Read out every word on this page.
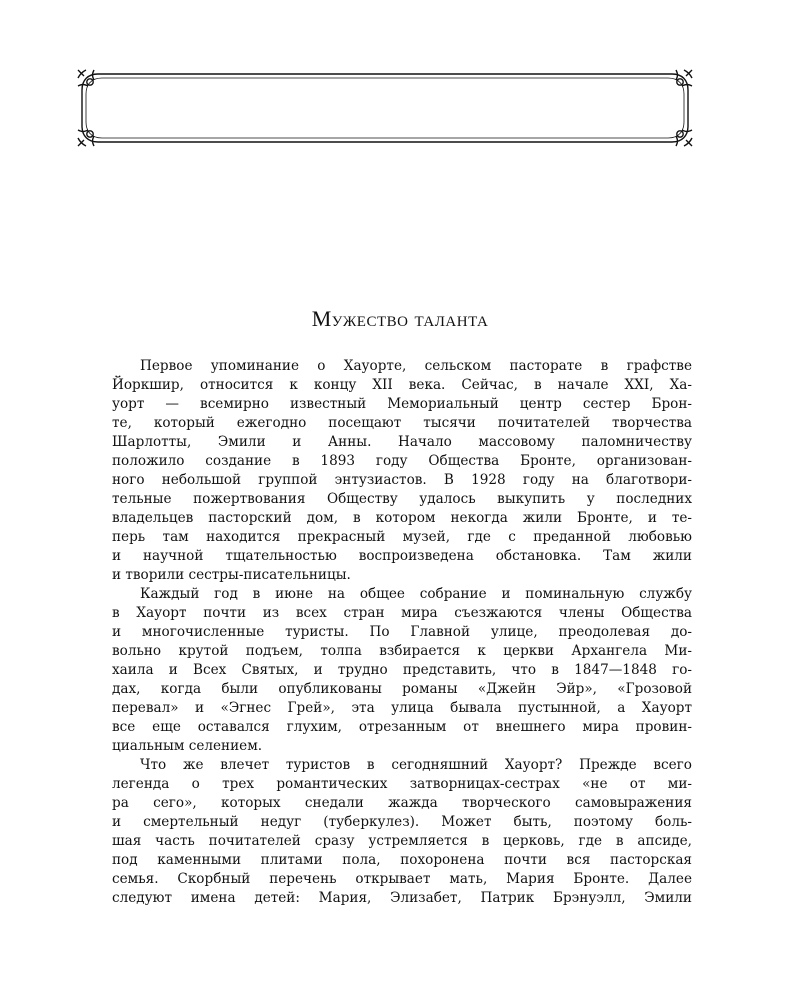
Мужество таланта
Первое упоминание о Хауорте, сельском пасторате в графстве
Йоркшир, относится к концу XII века. Сейчас, в начале XXI, Ха-
уорт — всемирно известный Мемориальный центр сестер Брон-
те, который ежегодно посещают тысячи почитателей творчества
Шарлотты, Эмили и Анны. Начало массовому паломничеству
положило создание в 1893 году Общества Бронте, организован-
ного небольшой группой энтузиастов. В 1928 году на благотвори-
тельные пожертвования Обществу удалось выкупить у последних
владельцев пасторский дом, в котором некогда жили Бронте, и те-
перь там находится прекрасный музей, где с преданной любовью
и научной тщательностью воспроизведена обстановка. Там жили
и творили сестры-писательницы.
Каждый год в июне на общее собрание и поминальную службу
в Хауорт почти из всех стран мира съезжаются члены Общества
и многочисленные туристы. По Главной улице, преодолевая до-
вольно крутой подъем, толпа взбирается к церкви Архангела Ми-
хаила и Всех Святых, и трудно представить, что в 1847—1848 го-
дах, когда были опубликованы романы «Джейн Эйр», «Грозовой
перевал» и «Эгнес Грей», эта улица бывала пустынной, а Хауорт
все еще оставался глухим, отрезанным от внешнего мира провин-
циальным селением.
Что же влечет туристов в сегодняшний Хауорт? Прежде всего
легенда о трех романтических затворницах-сестрах «не от ми-
ра сего», которых снедали жажда творческого самовыражения
и смертельный недуг (туберкулез). Может быть, поэтому боль-
шая часть почитателей сразу устремляется в церковь, где в апсиде,
под каменными плитами пола, похоронена почти вся пасторская
семья. Скорбный перечень открывает мать, Мария Бронте. Далее
следуют имена детей: Мария, Элизабет, Патрик Брэнуэлл, Эмили
